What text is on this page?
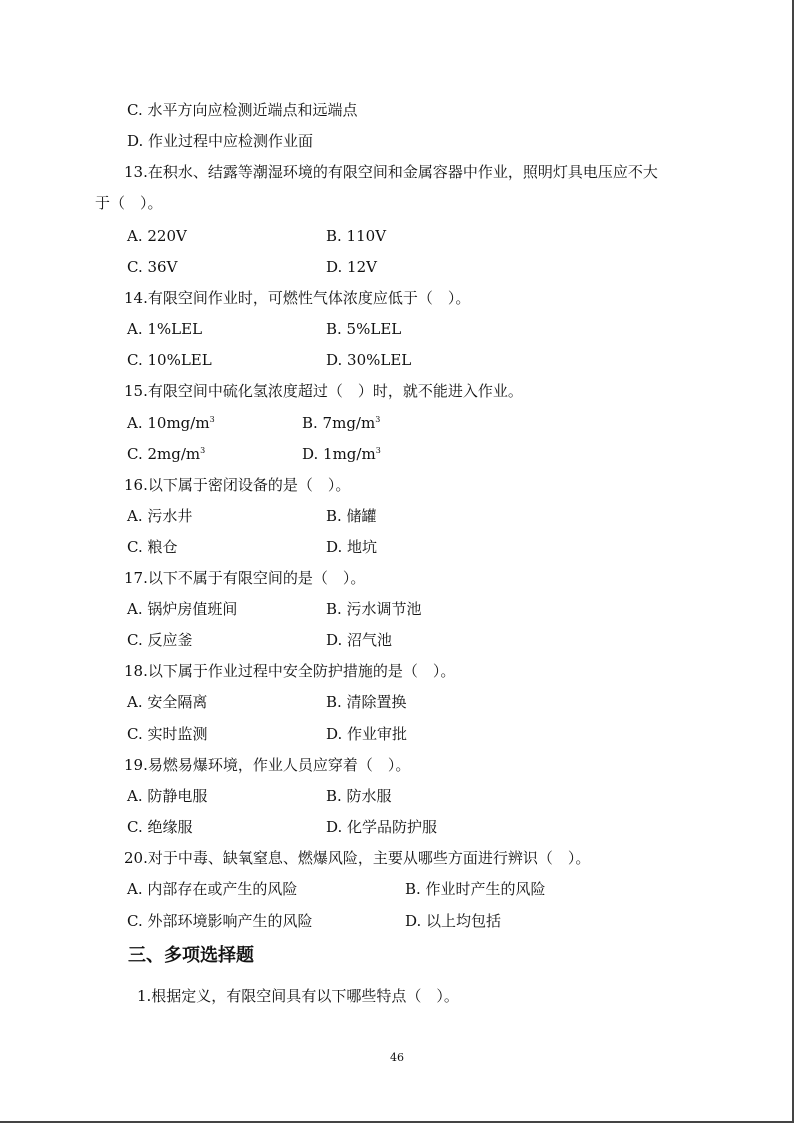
C. 水平方向应检测近端点和远端点
D. 作业过程中应检测作业面
13.在积水、结露等潮湿环境的有限空间和金属容器中作业，照明灯具电压应不大
于（　）。
A. 220V	B. 110V
C. 36V	D. 12V
14.有限空间作业时，可燃性气体浓度应低于（　）。
A. 1%LEL	B. 5%LEL
C. 10%LEL	D. 30%LEL
15.有限空间中硫化氢浓度超过（　）时，就不能进入作业。
A. $10mg/m^3$	B. $7mg/m^3$
C. $2mg/m^3$	D. $1mg/m^3$
16.以下属于密闭设备的是（　）。
A. 污水井	B. 储罐
C. 粮仓	D. 地坑
17.以下不属于有限空间的是（　）。
A. 锅炉房值班间	B. 污水调节池
C. 反应釜	D. 沼气池
18.以下属于作业过程中安全防护措施的是（　）。
A. 安全隔离	B. 清除置换
C. 实时监测	D. 作业审批
19.易燃易爆环境，作业人员应穿着（　）。
A. 防静电服	B. 防水服
C. 绝缘服	D. 化学品防护服
20.对于中毒、缺氧窒息、燃爆风险，主要从哪些方面进行辨识（　）。
A. 内部存在或产生的风险	B. 作业时产生的风险
C. 外部环境影响产生的风险	D. 以上均包括
三、多项选择题
1.根据定义，有限空间具有以下哪些特点（　）。
46
